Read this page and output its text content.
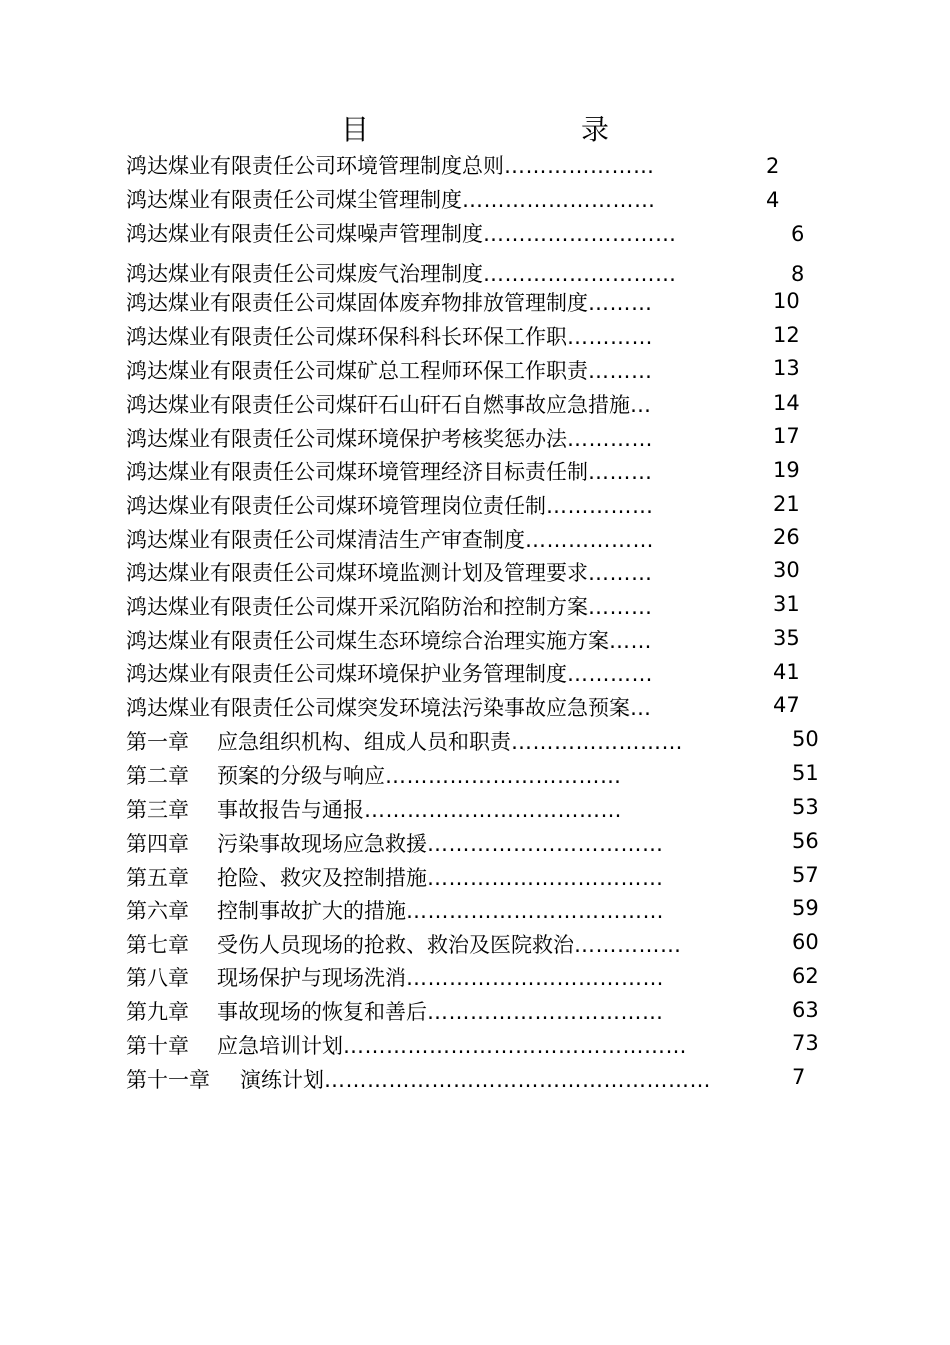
目　　录
鸿达煤业有限责任公司环境管理制度总则…………………	2
鸿达煤业有限责任公司煤尘管理制度………………………	4
鸿达煤业有限责任公司煤噪声管理制度………………………	6
鸿达煤业有限责任公司煤废气治理制度………………………	8
鸿达煤业有限责任公司煤固体废弃物排放管理制度………	10
鸿达煤业有限责任公司煤环保科科长环保工作职…………	12
鸿达煤业有限责任公司煤矿总工程师环保工作职责………	13
鸿达煤业有限责任公司煤矸石山矸石自燃事故应急措施…	14
鸿达煤业有限责任公司煤环境保护考核奖惩办法…………	17
鸿达煤业有限责任公司煤环境管理经济目标责任制………	19
鸿达煤业有限责任公司煤环境管理岗位责任制……………	21
鸿达煤业有限责任公司煤清洁生产审查制度………………	26
鸿达煤业有限责任公司煤环境监测计划及管理要求………	30
鸿达煤业有限责任公司煤开采沉陷防治和控制方案………	31
鸿达煤业有限责任公司煤生态环境综合治理实施方案……	35
鸿达煤业有限责任公司煤环境保护业务管理制度…………	41
鸿达煤业有限责任公司煤突发环境法污染事故应急预案…	47
第一章 应急组织机构、组成人员和职责……………………	50
第二章 预案的分级与响应……………………………	51
第三章 事故报告与通报………………………………	53
第四章 污染事故现场应急救援……………………………	56
第五章 抢险、救灾及控制措施……………………………	57
第六章 控制事故扩大的措施………………………………	59
第七章 受伤人员现场的抢救、救治及医院救治……………	60
第八章 现场保护与现场洗消………………………………	62
第九章 事故现场的恢复和善后……………………………	63
第十章 应急培训计划…………………………………………	73
第十一章 演练计划………………………………………………	7
